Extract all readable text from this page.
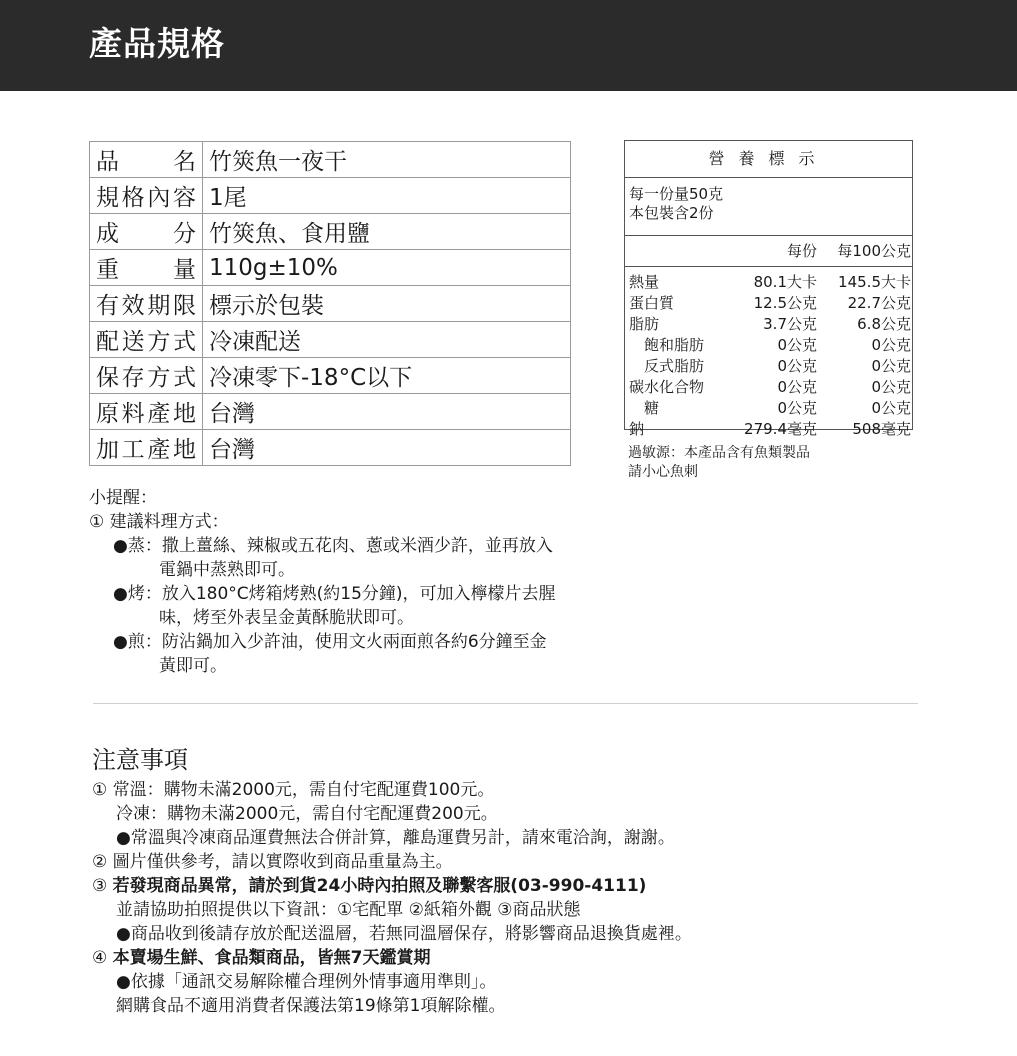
產品規格
品名	竹筴魚一夜干
規格內容	1尾
成分	竹筴魚、食用鹽
重量	110g±10%
有效期限	標示於包裝
配送方式	冷凍配送
保存方式	冷凍零下-18°C以下
原料產地	台灣
加工產地	台灣
營養標示
每一份量50克
本包裝含2份
每份	每100公克
熱量	80.1大卡	145.5大卡
蛋白質	12.5公克	22.7公克
脂肪	3.7公克	6.8公克
　飽和脂肪	0公克	0公克
　反式脂肪	0公克	0公克
碳水化合物	0公克	0公克
　糖	0公克	0公克
鈉	279.4毫克	508毫克
過敏源：本產品含有魚類製品
請小心魚刺
小提醒：
① 建議料理方式：
●蒸：撒上薑絲、辣椒或五花肉、蔥或米酒少許，並再放入
電鍋中蒸熟即可。
●烤：放入180°C烤箱烤熟(約15分鐘)，可加入檸檬片去腥
味，烤至外表呈金黃酥脆狀即可。
●煎：防沾鍋加入少許油，使用文火兩面煎各約6分鐘至金
黃即可。
注意事項
① 常溫：購物未滿2000元，需自付宅配運費100元。
冷凍：購物未滿2000元，需自付宅配運費200元。
●常溫與冷凍商品運費無法合併計算，離島運費另計，請來電洽詢，謝謝。
② 圖片僅供參考，請以實際收到商品重量為主。
③ 若發現商品異常，請於到貨24小時內拍照及聯繫客服(03-990-4111)
並請協助拍照提供以下資訊：①宅配單 ②紙箱外觀 ③商品狀態
●商品收到後請存放於配送溫層，若無同溫層保存，將影響商品退換貨處裡。
④ 本賣場生鮮、食品類商品，皆無7天鑑賞期
●依據「通訊交易解除權合理例外情事適用準則」。
網購食品不適用消費者保護法第19條第1項解除權。
